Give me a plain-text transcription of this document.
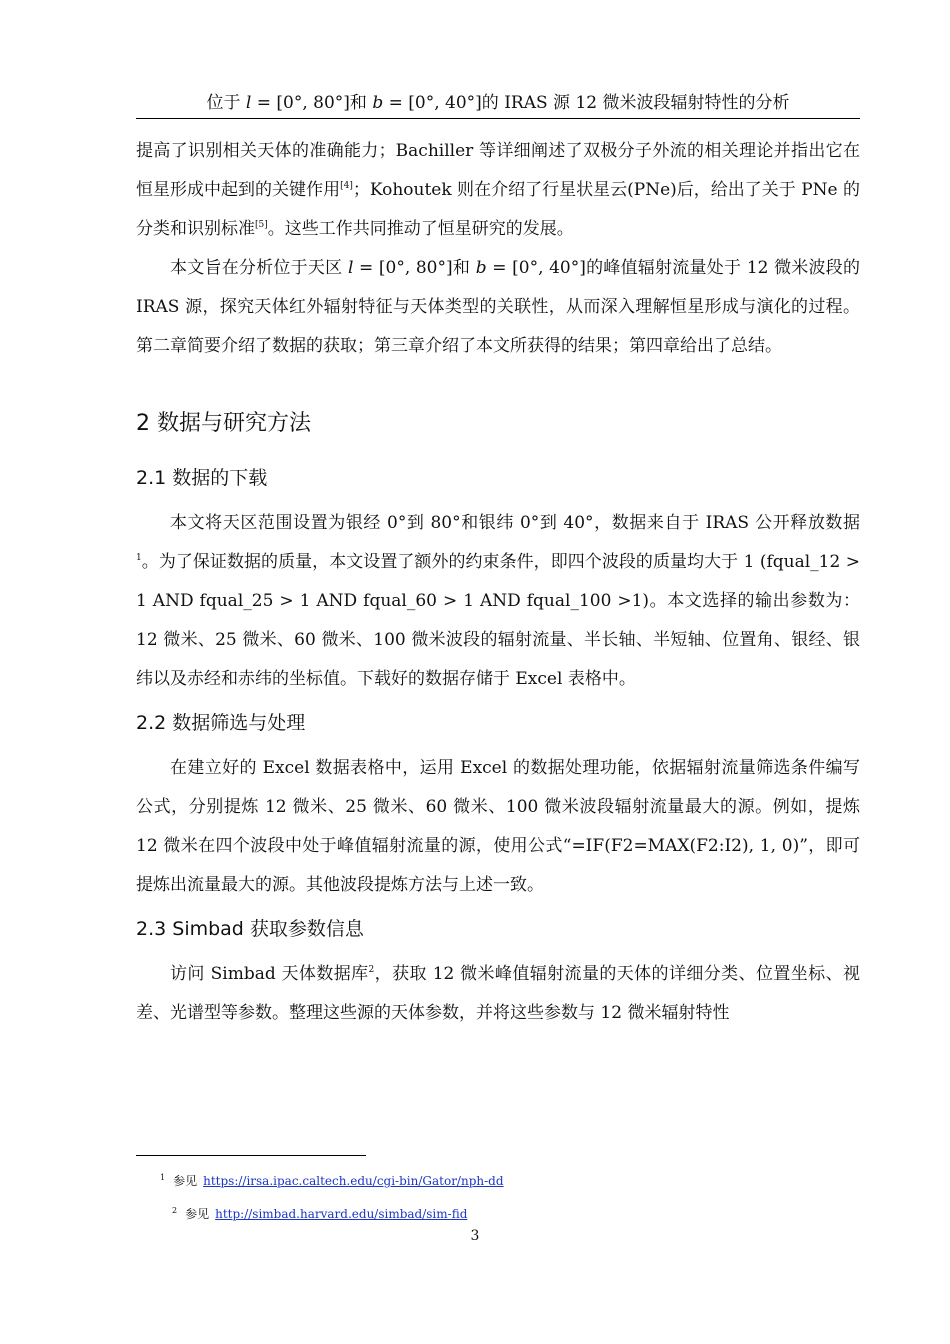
位于 l = [0°, 80°]和 b = [0°, 40°]的 IRAS 源 12 微米波段辐射特性的分析

提高了识别相关天体的准确能力；Bachiller 等详细阐述了双极分子外流的相关理论并指出它在恒星形成中起到的关键作用[4]；Kohoutek 则在介绍了行星状星云(PNe)后，给出了关于 PNe 的分类和识别标准[5]。这些工作共同推动了恒星研究的发展。

本文旨在分析位于天区 l = [0°, 80°]和 b = [0°, 40°]的峰值辐射流量处于 12 微米波段的 IRAS 源，探究天体红外辐射特征与天体类型的关联性，从而深入理解恒星形成与演化的过程。第二章简要介绍了数据的获取；第三章介绍了本文所获得的结果；第四章给出了总结。

2 数据与研究方法
2.1 数据的下载

本文将天区范围设置为银经 0°到 80°和银纬 0°到 40°，数据来自于 IRAS 公开释放数据$^1$。为了保证数据的质量，本文设置了额外的约束条件，即四个波段的质量均大于 1 (fqual_12 > 1 AND fqual_25 > 1 AND fqual_60 > 1 AND fqual_100 >1)。本文选择的输出参数为：12 微米、25 微米、60 微米、100 微米波段的辐射流量、半长轴、半短轴、位置角、银经、银纬以及赤经和赤纬的坐标值。下载好的数据存储于 Excel 表格中。

2.2 数据筛选与处理

在建立好的 Excel 数据表格中，运用 Excel 的数据处理功能，依据辐射流量筛选条件编写公式，分别提炼 12 微米、25 微米、60 微米、100 微米波段辐射流量最大的源。例如，提炼 12 微米在四个波段中处于峰值辐射流量的源，使用公式“=IF(F2=MAX(F2:I2), 1, 0)”，即可提炼出流量最大的源。其他波段提炼方法与上述一致。

2.3 Simbad 获取参数信息

访问 Simbad 天体数据库$^2$，获取 12 微米峰值辐射流量的天体的详细分类、位置坐标、视差、光谱型等参数。整理这些源的天体参数，并将这些参数与 12 微米辐射特性

$^1$ 参见 https://irsa.ipac.caltech.edu/cgi-bin/Gator/nph-dd
$^2$ 参见 http://simbad.harvard.edu/simbad/sim-fid
3
